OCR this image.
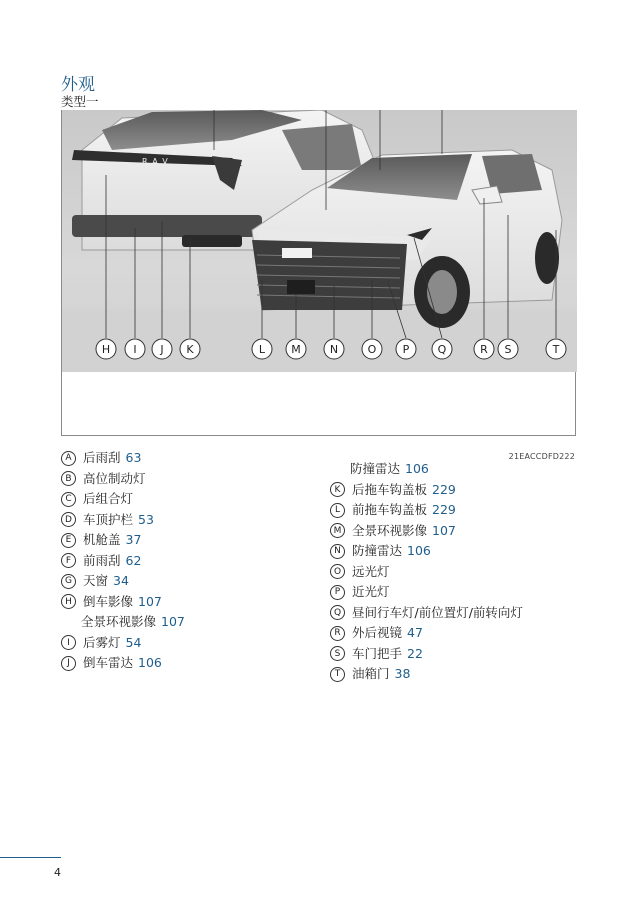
外观
类型一
RAV
H I J K	L M	N	O P	Q	R S	T
21EACCDFD222
A 后雨刮 63
B 高位制动灯
C 后组合灯
D 车顶护栏 53
E 机舱盖 37
F 前雨刮 62
G 天窗 34
H 倒车影像 107
全景环视影像 107
I	后雾灯 54
J	倒车雷达 106
防撞雷达 106
K 后拖车钩盖板 229
L 前拖车钩盖板 229
M 全景环视影像 107
N 防撞雷达 106
O 远光灯
P 近光灯
Q 昼间行车灯/前位置灯/前转向灯
R 外后视镜 47
S 车门把手 22
T 油箱门 38
4
